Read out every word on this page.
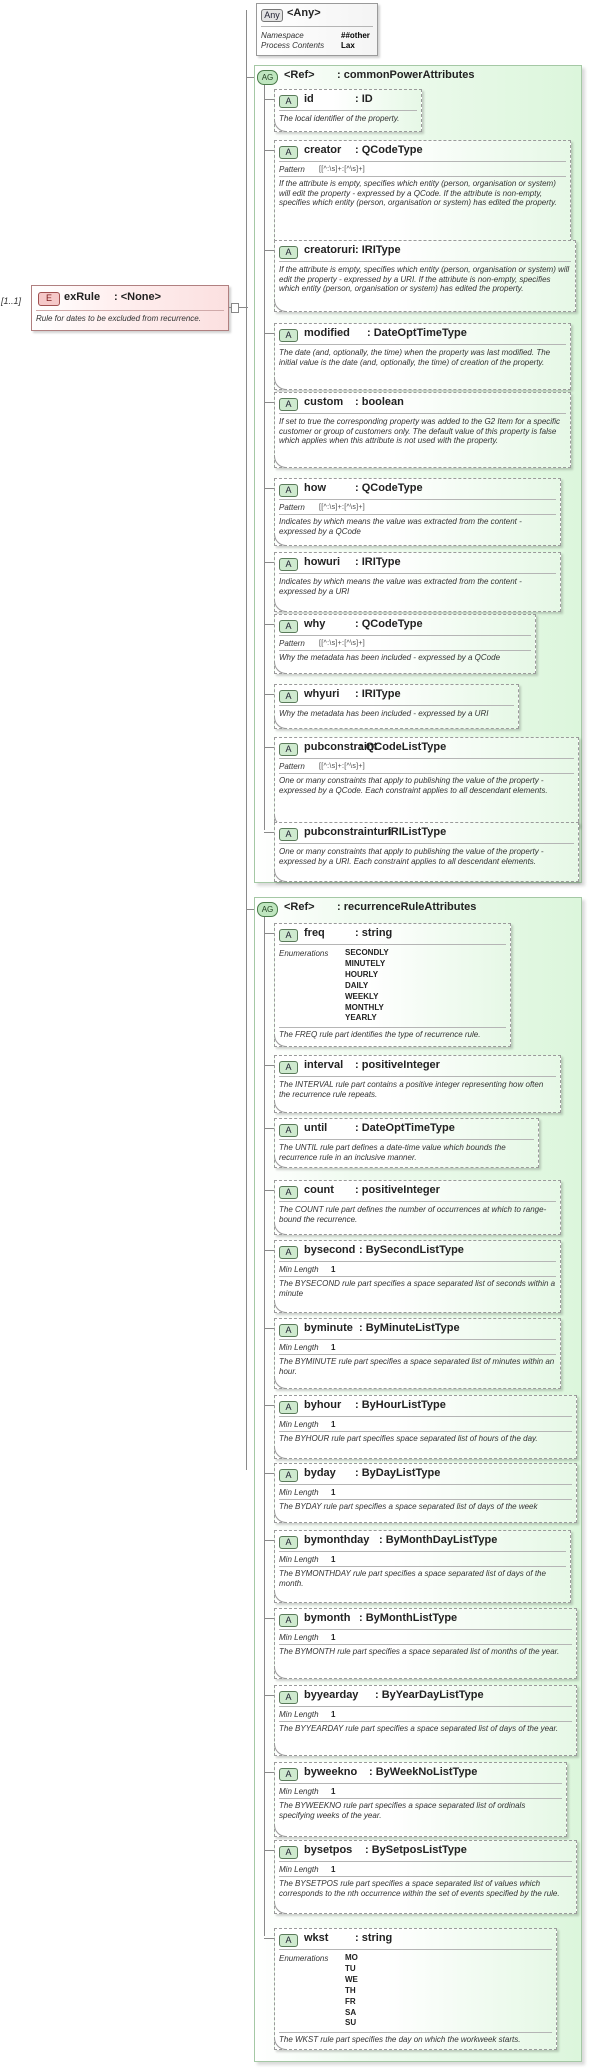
Any <Any>
Namespace	##other
Process Contents Lax
[1..1]	E	exRule : <None>
Rule for dates to be excluded from recurrence.
AG <Ref> : commonPowerAttributes
A	id	: ID
The local identifier of the property.
A	creator : QCodeType
Pattern [[^:\s]+:[^\s]+]
If the attribute is empty, specifies which entity (person, organisation or system) will edit the property - expressed by a QCode. If the attribute is non-empty, specifies which entity (person, organisation or system) has edited the property.
A	creatoruri : IRIType
If the attribute is empty, specifies which entity (person, organisation or system) will edit the property - expressed by a URI. If the attribute is non-empty, specifies which entity (person, organisation or system) has edited the property.
A	modified : DateOptTimeType
The date (and, optionally, the time) when the property was last modified. The initial value is the date (and, optionally, the time) of creation of the property.
A	custom : boolean
If set to true the corresponding property was added to the G2 Item for a specific customer or group of customers only. The default value of this property is false which applies when this attribute is not used with the property.
A	how	: QCodeType
Pattern [[^:\s]+:[^\s]+]
Indicates by which means the value was extracted from the content - expressed by a QCode
A	howuri : IRIType
Indicates by which means the value was extracted from the content - expressed by a URI
A	why	: QCodeType
Pattern [[^:\s]+:[^\s]+]
Why the metadata has been included - expressed by a QCode
A	whyuri : IRIType
Why the metadata has been included - expressed by a URI
A	pubconstraint
: QCodeListType
Pattern [[^:\s]+:[^\s]+]
One or many constraints that apply to publishing the value of the property - expressed by a QCode. Each constraint applies to all descendant elements.
A	pubconstrainturi
: IRIListType
One or many constraints that apply to publishing the value of the property - expressed by a URI. Each constraint applies to all descendant elements.
AG <Ref> : recurrenceRuleAttributes
A	freq	: string
Enumerations SECONDLY
MINUTELY
HOURLY
DAILY
WEEKLY
MONTHLY
YEARLY
The FREQ rule part identifies the type of recurrence rule.
A	interval : positiveInteger
The INTERVAL rule part contains a positive integer representing how often the recurrence rule repeats.
A	until	: DateOptTimeType
The UNTIL rule part defines a date-time value which bounds the recurrence rule in an inclusive manner.
A	count : positiveInteger
The COUNT rule part defines the number of occurrences at which to range-bound the recurrence.
A	bysecond : BySecondListType
Min Length 1
The BYSECOND rule part specifies a space separated list of seconds within a minute
A	byminute : ByMinuteListType
Min Length 1
The BYMINUTE rule part specifies a space separated list of minutes within an hour.
A	byhour : ByHourListType
Min Length 1
The BYHOUR rule part specifies space separated list of hours of the day.
A	byday : ByDayListType
Min Length 1
The BYDAY rule part specifies a space separated list of days of the week
A	bymonthday : ByMonthDayListType
Min Length 1
The BYMONTHDAY rule part specifies a space separated list of days of the month.
A	bymonth : ByMonthListType
Min Length 1
The BYMONTH rule part specifies a space separated list of months of the year.
A	byyearday : ByYearDayListType
Min Length 1
The BYYEARDAY rule part specifies a space separated list of days of the year.
A	byweekno : ByWeekNoListType
Min Length 1
The BYWEEKNO rule part specifies a space separated list of ordinals specifying weeks of the year.
A	bysetpos : BySetposListType
Min Length 1
The BYSETPOS rule part specifies a space separated list of values which corresponds to the nth occurrence within the set of events specified by the rule.
A	wkst : string
Enumerations MO
TU
WE
TH
FR
SA
SU
The WKST rule part specifies the day on which the workweek starts.
